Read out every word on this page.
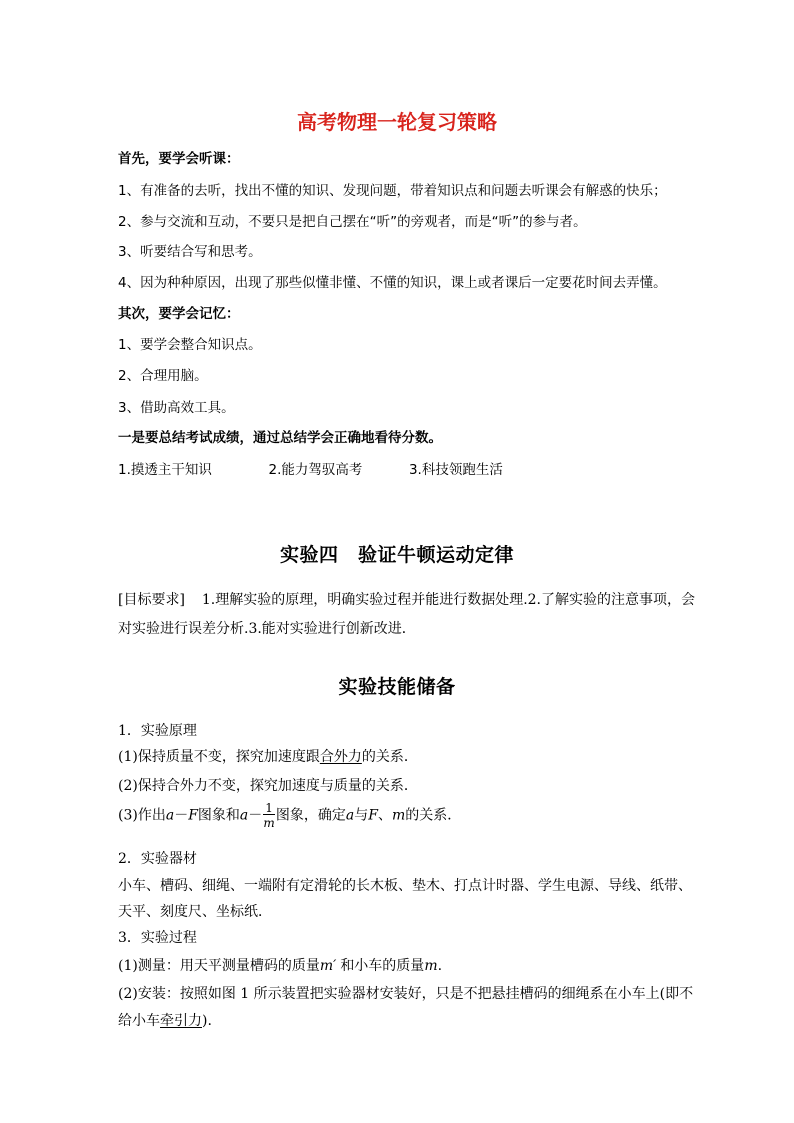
高考物理一轮复习策略
首先，要学会听课：
1、有准备的去听，找出不懂的知识、发现问题，带着知识点和问题去听课会有解惑的快乐；
2、参与交流和互动，不要只是把自己摆在“听”的旁观者，而是“听”的参与者。
3、听要结合写和思考。
4、因为种种原因，出现了那些似懂非懂、不懂的知识，课上或者课后一定要花时间去弄懂。
其次，要学会记忆：
1、要学会整合知识点。
2、合理用脑。
3、借助高效工具。
一是要总结考试成绩，通过总结学会正确地看待分数。
1.摸透主干知识	2.能力驾驭高考	3.科技领跑生活
实验四　验证牛顿运动定律
[目标要求] 1.理解实验的原理，明确实验过程并能进行数据处理.2.了解实验的注意事项，会
对实验进行误差分析.3.能对实验进行创新改进．
实验技能储备
1．实验原理
(1)保持质量不变，探究加速度跟合外力的关系．
(2)保持合外力不变，探究加速度与质量的关系．
(3)作出a－F图象和$a- \frac{1}{m}$ 图象，确定a与F、m的关系．
2．实验器材
小车、槽码、细绳、一端附有定滑轮的长木板、垫木、打点计时器、学生电源、导线、纸带、
天平、刻度尺、坐标纸．
3．实验过程
(1)测量：用天平测量槽码的质量m′ 和小车的质量m.
(2)安装：按照如图 1 所示装置把实验器材安装好，只是不把悬挂槽码的细绳系在小车上(即不
给小车牵引力).
